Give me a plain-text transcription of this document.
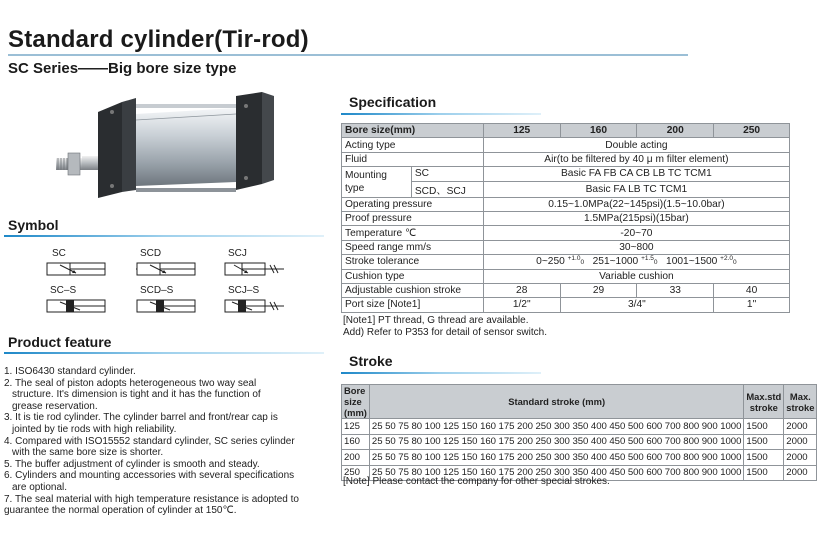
Standard cylinder(Tir-rod)
SC Series——Big bore size type
Symbol
SC	SCD	SCJ
SC–S	SCD–S	SCJ–S
Product feature
1. ISO6430 standard cylinder.
2. The seal of piston adopts heterogeneous two way seal
structure. It's dimension is tight and it has the function of
grease reservation.
3. It is tie rod cylinder. The cylinder barrel and front/rear cap is
jointed by tie rods with high reliability.
4. Compared with ISO15552 standard cylinder, SC series cylinder
with the same bore size is shorter.
5. The buffer adjustment of cylinder is smooth and steady.
6. Cylinders and mounting accessories with several specifications
are optional.
7. The seal material with high temperature resistance is adopted to
guarantee the normal operation of cylinder at 150℃.
Specification
Bore size(mm)		125	160	200	250
Acting type		Double acting			
Fluid		Air(to be filtered by 40 μ m filter element)			
Mounting type	SC	Basic FA FB CA CB LB TC TCM1			
	SCD、SCJ	Basic FA LB TC TCM1			
Operating pressure		0.15~1.0MPa(22~145psi)(1.5~10.0bar)			
Proof pressure		1.5MPa(215psi)(15bar)			
Temperature ℃		-20~70			
Speed range mm/s		30~800			
Stroke tolerance		0~250 $^{+1.0}$0 251~1000 $^{+1.5}$0 1001~1500 $^{+2.0}$0			
Cushion type		Variable cushion			
Adjustable cushion stroke		28	29	33	40
Port size [Note1]		1/2"	3/4"		1"
[Note1] PT thread, G thread are available.
Add) Refer to P353 for detail of sensor switch.
Stroke
Bore size (mm)	Standard stroke (mm)	Max.std stroke	Max. stroke
125	25 50 75 80 100 125 150 160 175 200 250 300 350 400 450 500 600 700 800 900 1000	1500	2000
160	25 50 75 80 100 125 150 160 175 200 250 300 350 400 450 500 600 700 800 900 1000	1500	2000
200	25 50 75 80 100 125 150 160 175 200 250 300 350 400 450 500 600 700 800 900 1000	1500	2000
250	25 50 75 80 100 125 150 160 175 200 250 300 350 400 450 500 600 700 800 900 1000	1500	2000
[Note] Please contact the company for other special strokes.
